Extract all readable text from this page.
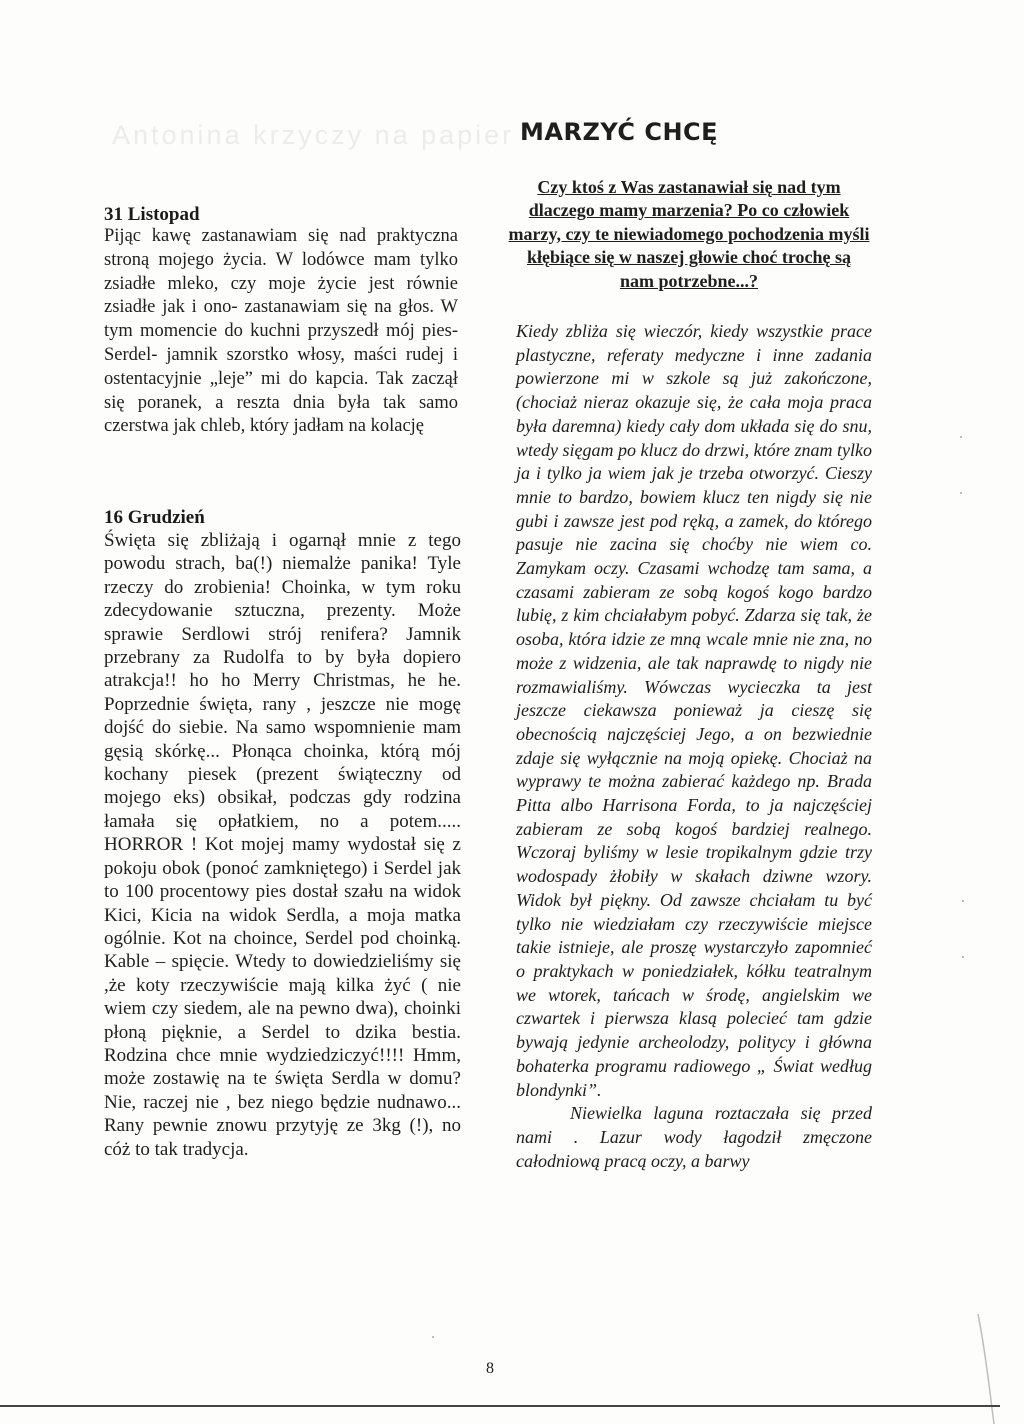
Antonina krzyczy na papier MARZYĆ CHCĘ
31 Listopad
Pijąc kawę zastanawiam się nad praktyczna stroną mojego życia. W lodówce mam tylko zsiadłe mleko, czy moje życie jest równie zsiadłe jak i ono- zastanawiam się na głos. W tym momencie do kuchni przyszedł mój pies-Serdel- jamnik szorstko włosy, maści rudej i ostentacyjnie „leje” mi do kapcia. Tak zaczął się poranek, a reszta dnia była tak samo czerstwa jak chleb, który jadłam na kolację
16 Grudzień
Święta się zbliżają i ogarnął mnie z tego powodu strach, ba(!) niemalże panika! Tyle rzeczy do zrobienia! Choinka, w tym roku zdecydowanie sztuczna, prezenty. Może sprawie Serdlowi strój renifera? Jamnik przebrany za Rudolfa to by była dopiero atrakcja!! ho ho Merry Christmas, he he. Poprzednie święta, rany , jeszcze nie mogę dojść do siebie. Na samo wspomnienie mam gęsią skórkę... Płonąca choinka, którą mój kochany piesek (prezent świąteczny od mojego eks) obsikał, podczas gdy rodzina łamała się opłatkiem, no a potem..... HORROR ! Kot mojej mamy wydostał się z pokoju obok (ponoć zamkniętego) i Serdel jak to 100 procentowy pies dostał szału na widok Kici, Kicia na widok Serdla, a moja matka ogólnie. Kot na choince, Serdel pod choinką. Kable – spięcie. Wtedy to dowiedzieliśmy się ,że koty rzeczywiście mają kilka żyć ( nie wiem czy siedem, ale na pewno dwa), choinki płoną pięknie, a Serdel to dzika bestia. Rodzina chce mnie wydziedziczyć!!!! Hmm, może zostawię na te święta Serdla w domu? Nie, raczej nie , bez niego będzie nudnawo... Rany pewnie znowu przytyję ze 3kg (!), no cóż to tak tradycja.
Czy ktoś z Was zastanawiał się nad tym dlaczego mamy marzenia? Po co człowiek marzy, czy te niewiadomego pochodzenia myśli kłębiące się w naszej głowie choć trochę są nam potrzebne...?

Kiedy zbliża się wieczór, kiedy wszystkie prace plastyczne, referaty medyczne i inne zadania powierzone mi w szkole są już zakończone, (chociaż nieraz okazuje się, że cała moja praca była daremna) kiedy cały dom układa się do snu, wtedy sięgam po klucz do drzwi, które znam tylko ja i tylko ja wiem jak je trzeba otworzyć. Cieszy mnie to bardzo, bowiem klucz ten nigdy się nie gubi i zawsze jest pod ręką, a zamek, do którego pasuje nie zacina się choćby nie wiem co. Zamykam oczy. Czasami wchodzę tam sama, a czasami zabieram ze sobą kogoś kogo bardzo lubię, z kim chciałabym pobyć. Zdarza się tak, że osoba, która idzie ze mną wcale mnie nie zna, no może z widzenia, ale tak naprawdę to nigdy nie rozmawialiśmy. Wówczas wycieczka ta jest jeszcze ciekawsza ponieważ ja cieszę się obecnością najczęściej Jego, a on bezwiednie zdaje się wyłącznie na moją opiekę. Chociaż na wyprawy te można zabierać każdego np. Brada Pitta albo Harrisona Forda, to ja najczęściej zabieram ze sobą kogoś bardziej realnego. Wczoraj byliśmy w lesie tropikalnym gdzie trzy wodospady żłobiły w skałach dziwne wzory. Widok był piękny. Od zawsze chciałam tu być tylko nie wiedziałam czy rzeczywiście miejsce takie istnieje, ale proszę wystarczyło zapomnieć o praktykach w poniedziałek, kółku teatralnym we wtorek, tańcach w środę, angielskim we czwartek i pierwsza klasą polecieć tam gdzie bywają jedynie archeolodzy, politycy i główna bohaterka programu radiowego „ Świat według blondynki”.

Niewielka laguna roztaczała się przed nami . Lazur wody łagodził zmęczone całodniową pracą oczy, a barwy

8
